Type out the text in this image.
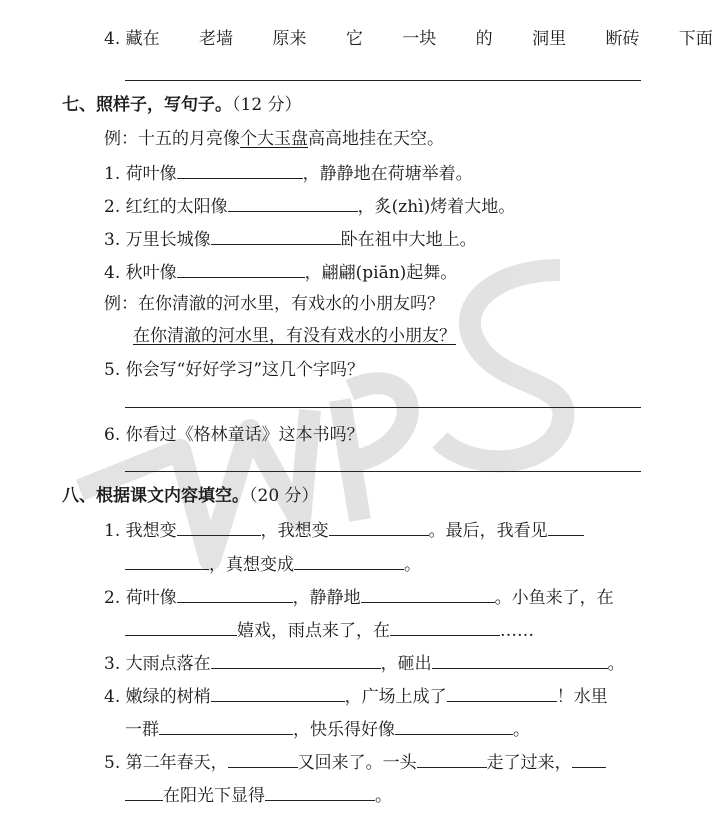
4. 藏在 老墙 原来 它 一块 的 洞里 断砖 下面
七、照样子，写句子。（12 分）
例：十五的月亮像个大玉盘高高地挂在天空。
1. 荷叶像	，静静地在荷塘举着。
2. 红红的太阳像	，炙(zhì)烤着大地。
3. 万里长城像	卧在祖中大地上。
4. 秋叶像	，翩翩(piān)起舞。
例：在你清澈的河水里，有戏水的小朋友吗？
在你清澈的河水里，有没有戏水的小朋友？
5. 你会写“好好学习”这几个字吗？
6. 你看过《格林童话》这本书吗？
八、根据课文内容填空。（20 分）
1. 我想变	，我想变	。最后，我看见
，真想变成	。
2. 荷叶像	，静静地	。小鱼来了，在
嬉戏，雨点来了，在	……
3. 大雨点落在	，砸出	。
4. 嫩绿的树梢	，广场上成了	！水里
一群	，快乐得好像	。
5. 第二年春天，	又回来了。一头	走了过来，
在阳光下显得	。
